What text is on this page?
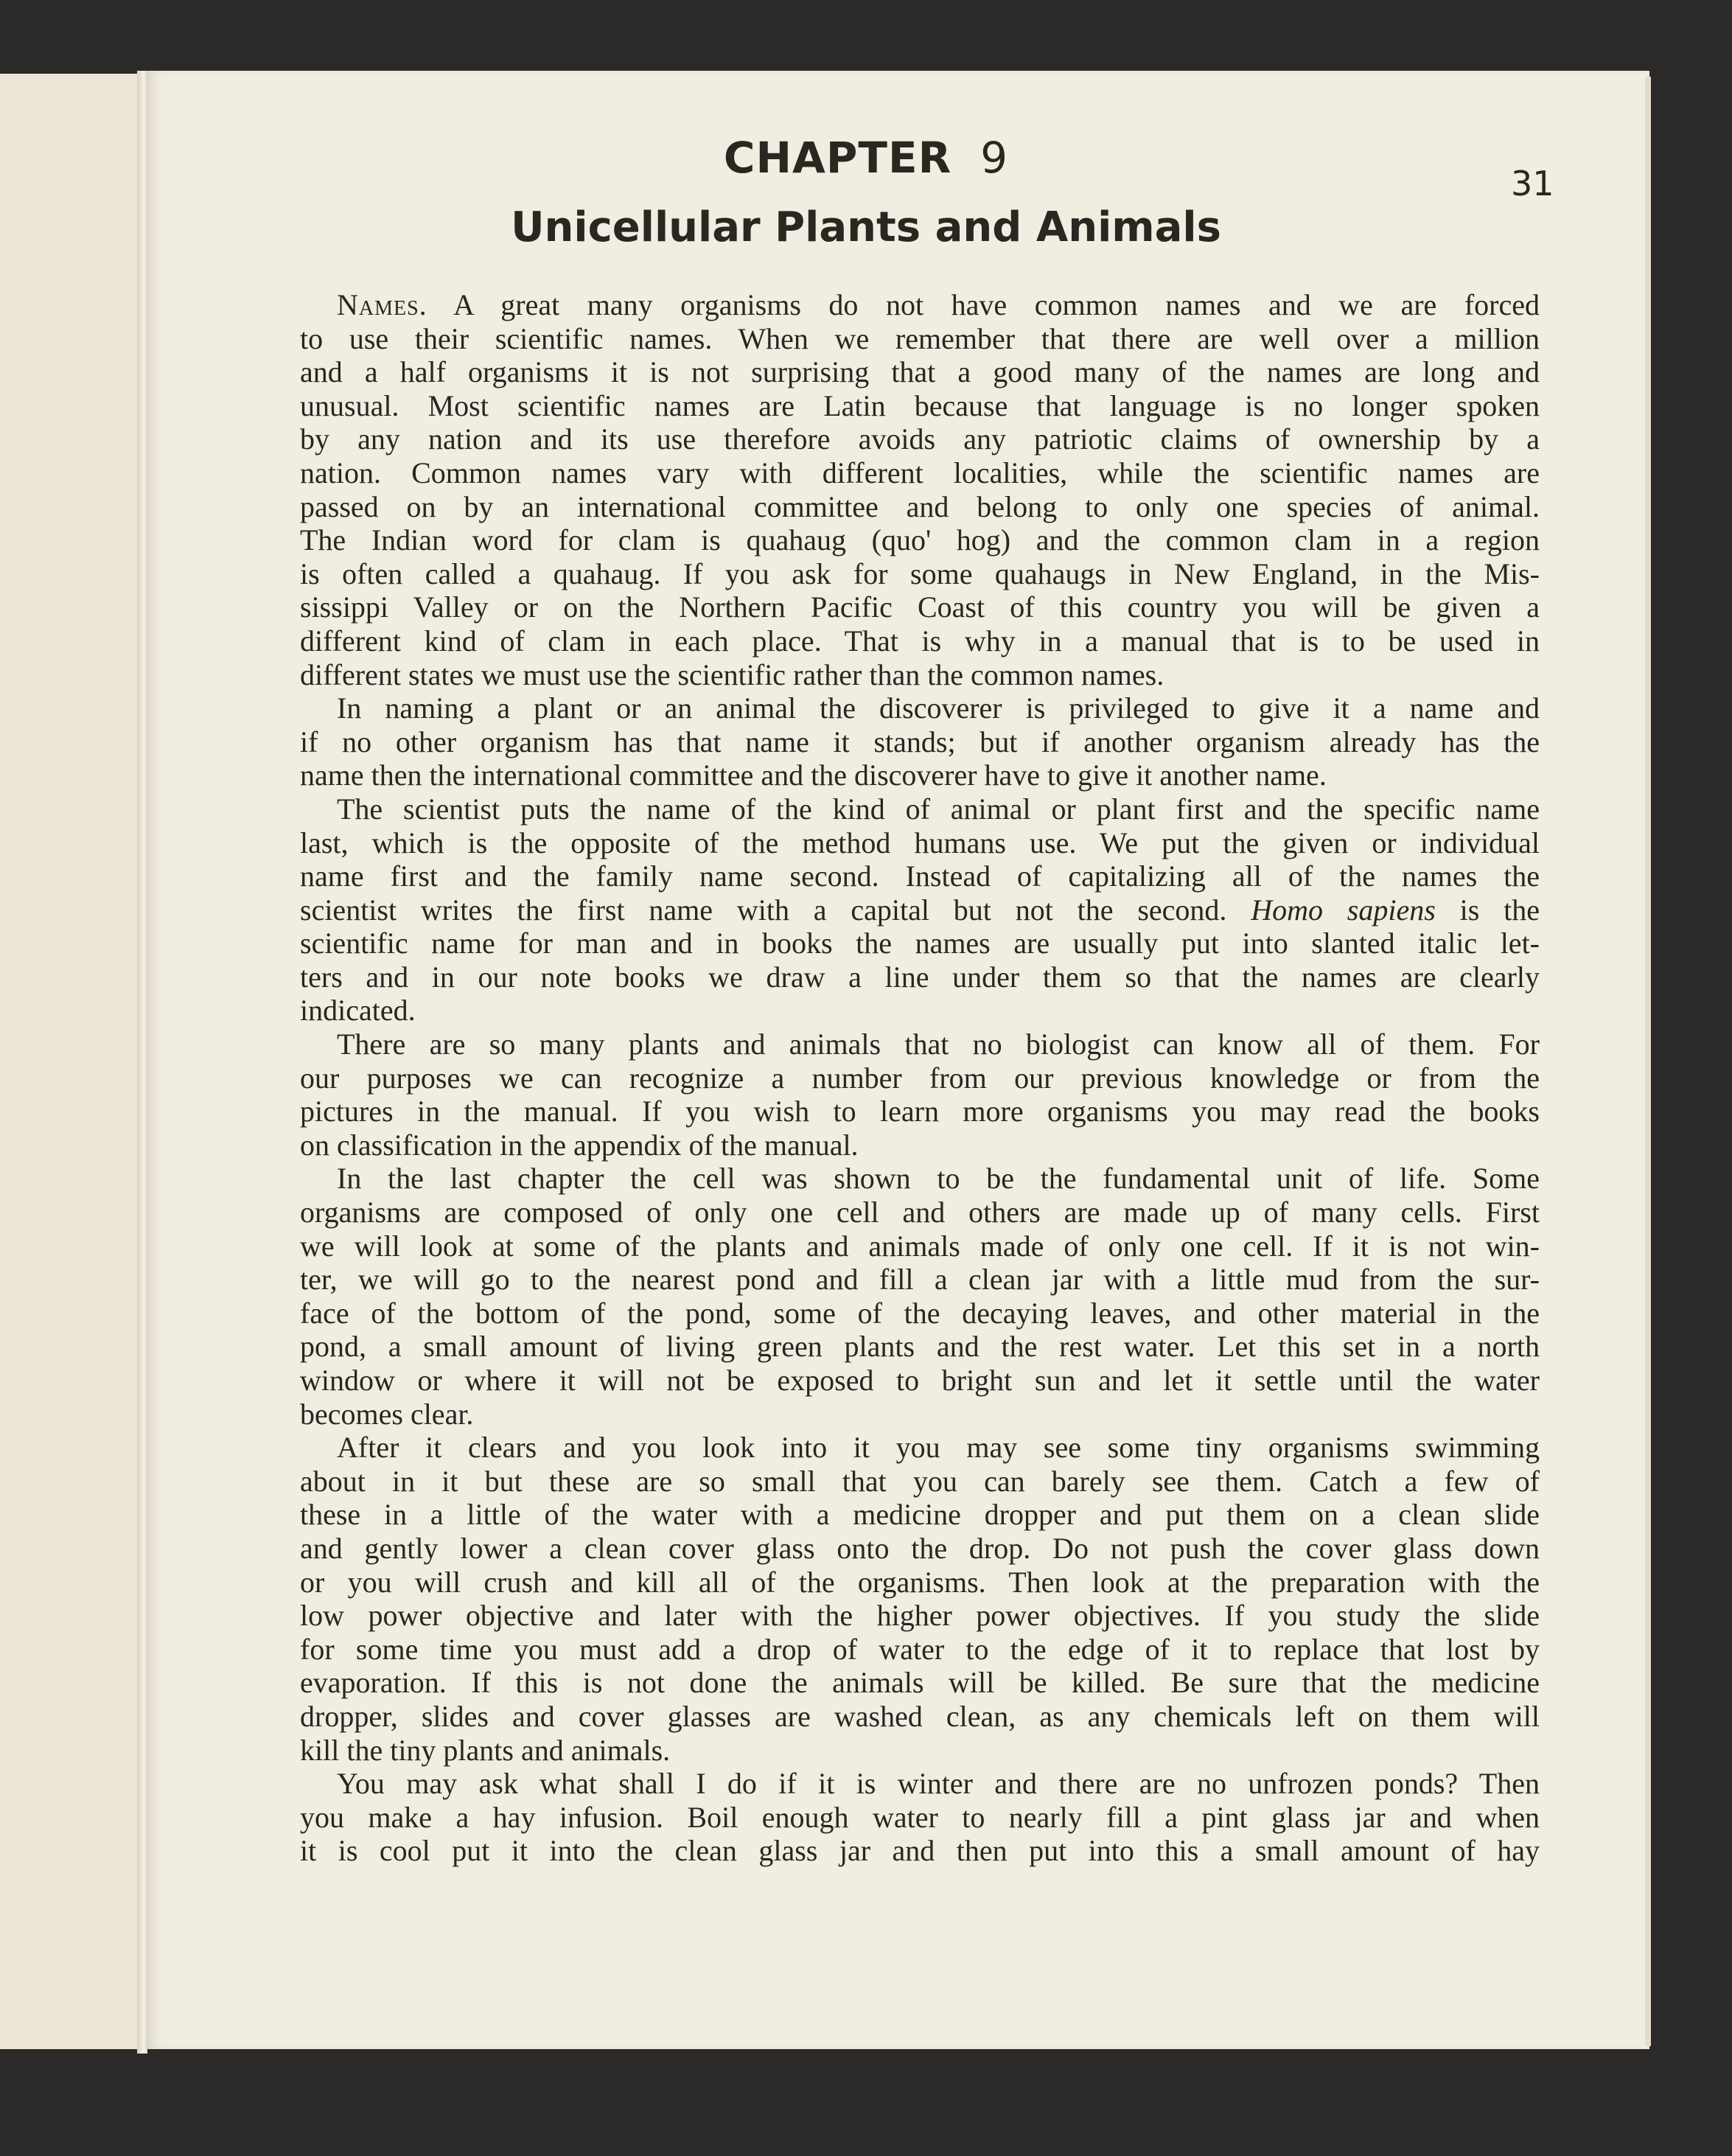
CHAPTER 9
Unicellular Plants and Animals
31
Names. A great many organisms do not have common names and we are forced
to use their scientific names. When we remember that there are well over a million
and a half organisms it is not surprising that a good many of the names are long and
unusual. Most scientific names are Latin because that language is no longer spoken
by any nation and its use therefore avoids any patriotic claims of ownership by a
nation. Common names vary with different localities, while the scientific names are
passed on by an international committee and belong to only one species of animal.
The Indian word for clam is quahaug (quo' hog) and the common clam in a region
is often called a quahaug. If you ask for some quahaugs in New England, in the Mis-
sissippi Valley or on the Northern Pacific Coast of this country you will be given a
different kind of clam in each place. That is why in a manual that is to be used in
different states we must use the scientific rather than the common names.
In naming a plant or an animal the discoverer is privileged to give it a name and
if no other organism has that name it stands; but if another organism already has the
name then the international committee and the discoverer have to give it another name.
The scientist puts the name of the kind of animal or plant first and the specific name
last, which is the opposite of the method humans use. We put the given or individual
name first and the family name second. Instead of capitalizing all of the names the
scientist writes the first name with a capital but not the second. Homo sapiens is the
scientific name for man and in books the names are usually put into slanted italic let-
ters and in our note books we draw a line under them so that the names are clearly
indicated.
There are so many plants and animals that no biologist can know all of them. For
our purposes we can recognize a number from our previous knowledge or from the
pictures in the manual. If you wish to learn more organisms you may read the books
on classification in the appendix of the manual.
In the last chapter the cell was shown to be the fundamental unit of life. Some
organisms are composed of only one cell and others are made up of many cells. First
we will look at some of the plants and animals made of only one cell. If it is not win-
ter, we will go to the nearest pond and fill a clean jar with a little mud from the sur-
face of the bottom of the pond, some of the decaying leaves, and other material in the
pond, a small amount of living green plants and the rest water. Let this set in a north
window or where it will not be exposed to bright sun and let it settle until the water
becomes clear.
After it clears and you look into it you may see some tiny organisms swimming
about in it but these are so small that you can barely see them. Catch a few of
these in a little of the water with a medicine dropper and put them on a clean slide
and gently lower a clean cover glass onto the drop. Do not push the cover glass down
or you will crush and kill all of the organisms. Then look at the preparation with the
low power objective and later with the higher power objectives. If you study the slide
for some time you must add a drop of water to the edge of it to replace that lost by
evaporation. If this is not done the animals will be killed. Be sure that the medicine
dropper, slides and cover glasses are washed clean, as any chemicals left on them will
kill the tiny plants and animals.
You may ask what shall I do if it is winter and there are no unfrozen ponds? Then
you make a hay infusion. Boil enough water to nearly fill a pint glass jar and when
it is cool put it into the clean glass jar and then put into this a small amount of hay
